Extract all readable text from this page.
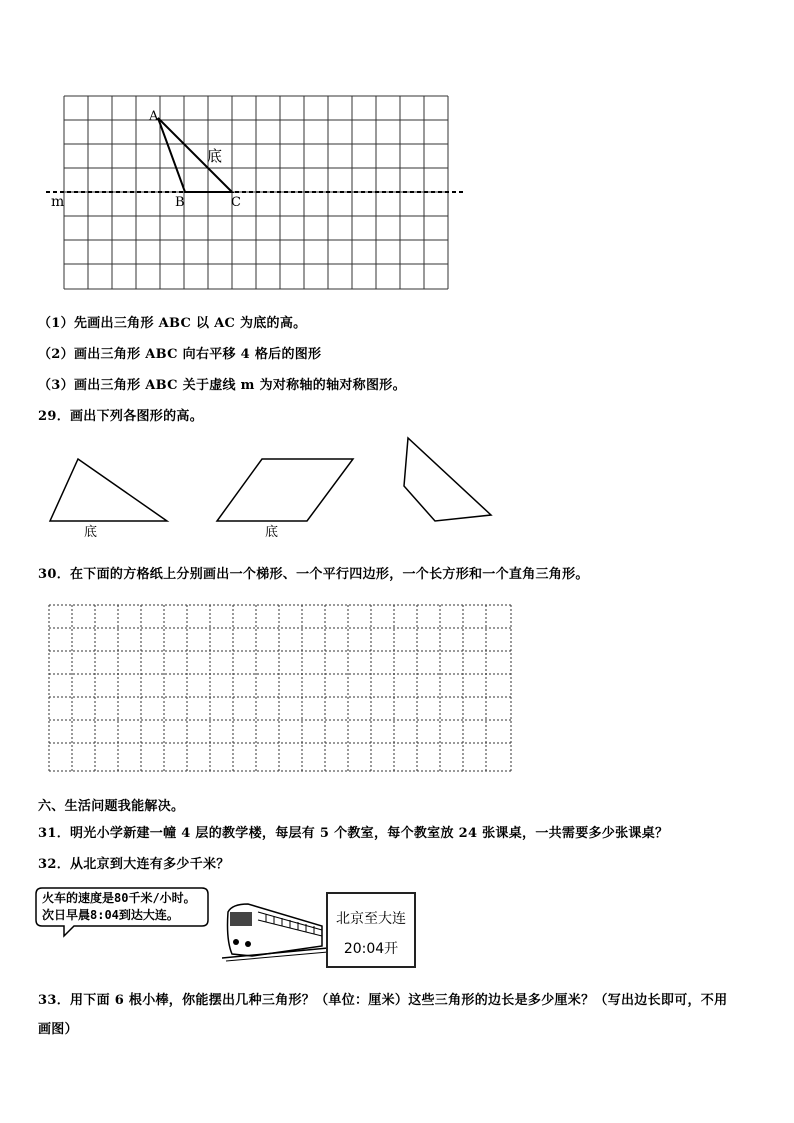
A
B	C
底
m
（1）先画出三角形 ABC 以 AC 为底的高。
（2）画出三角形 ABC 向右平移 4 格后的图形
（3）画出三角形 ABC 关于虚线 m 为对称轴的轴对称图形。
29．画出下列各图形的高。
底	底
30．在下面的方格纸上分别画出一个梯形、一个平行四边形，一个长方形和一个直角三角形。
六、生活问题我能解决。
31．明光小学新建一幢 4 层的教学楼，每层有 5 个教室，每个教室放 24 张课桌，一共需要多少张课桌？
32．从北京到大连有多少千米？
火车的速度是80千米/小时。
次日早晨8:04到达大连。	北京至大连
20:04开
33．用下面 6 根小棒，你能摆出几种三角形？（单位：厘米）这些三角形的边长是多少厘米？（写出边长即可，不用
画图）
